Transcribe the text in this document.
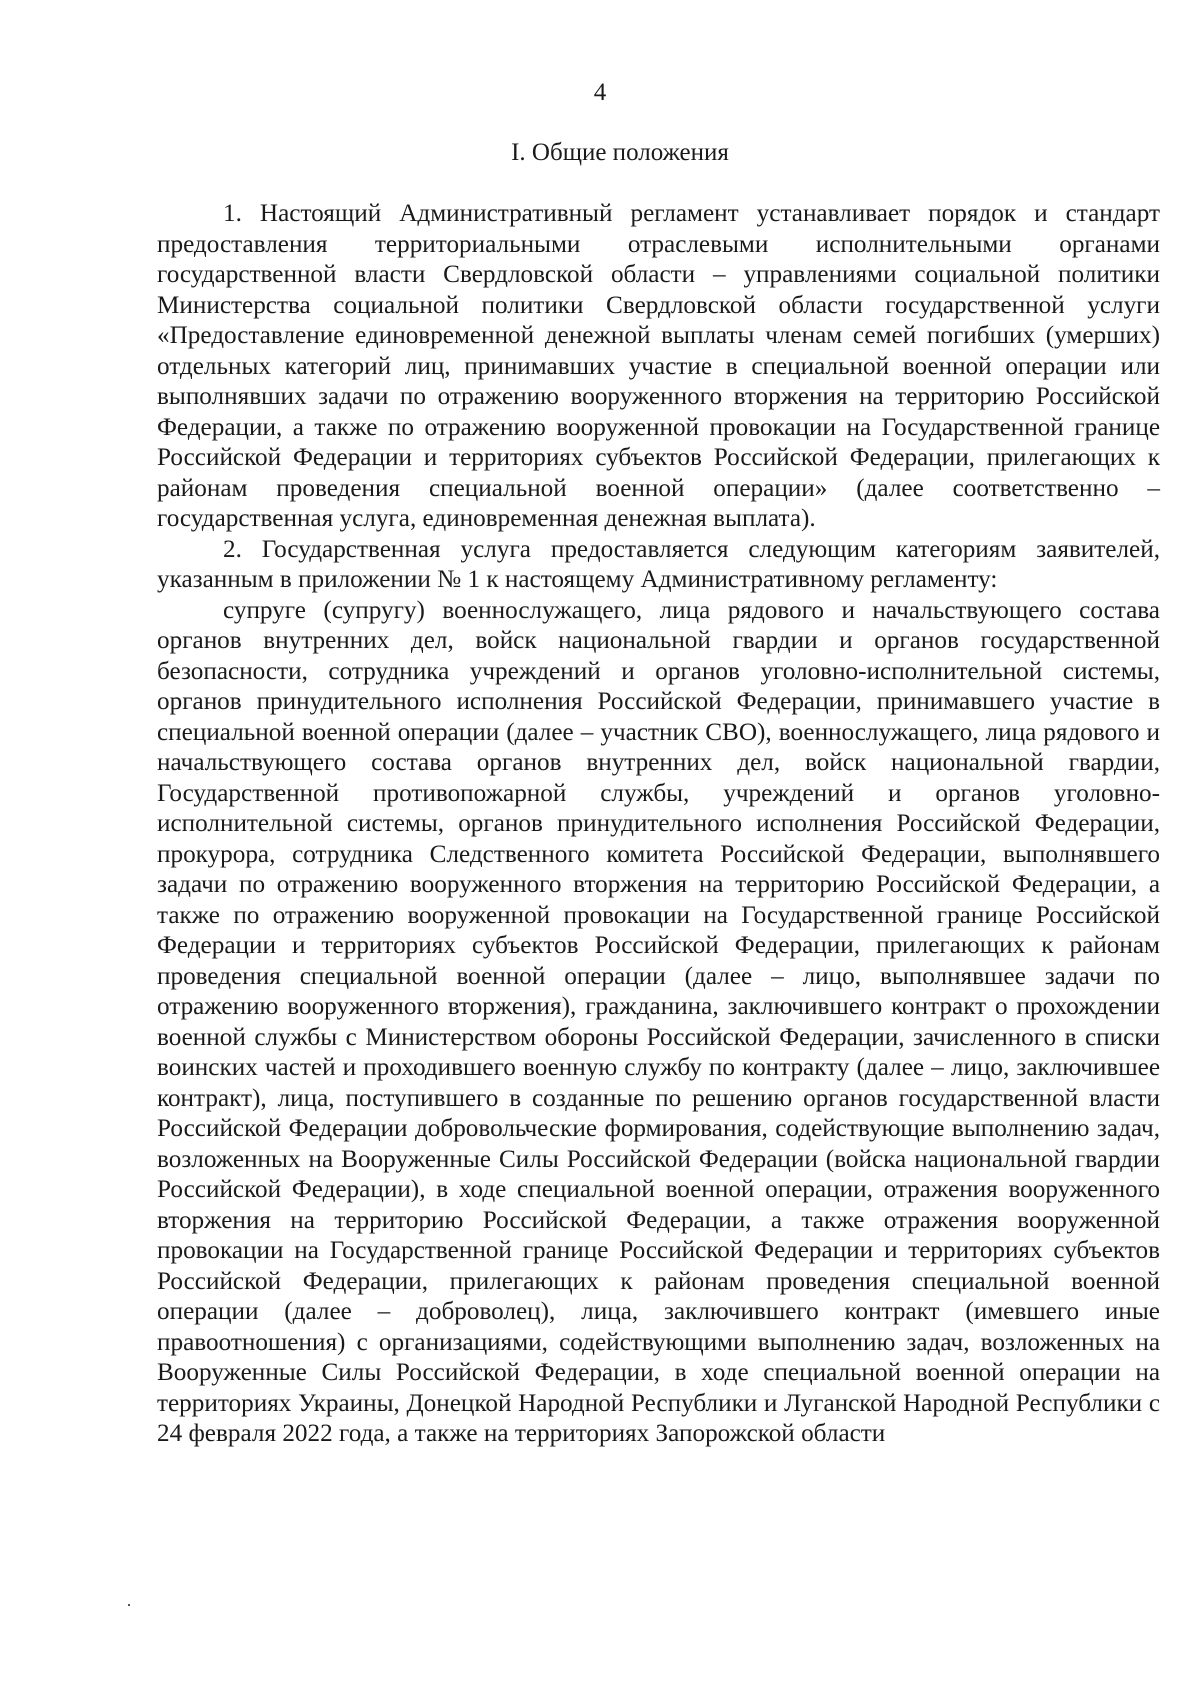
4
I. Общие положения

1. Настоящий Административный регламент устанавливает порядок и стандарт предоставления территориальными отраслевыми исполнительными органами государственной власти Свердловской области – управлениями социальной политики Министерства социальной политики Свердловской области государственной услуги «Предоставление единовременной денежной выплаты членам семей погибших (умерших) отдельных категорий лиц, принимавших участие в специальной военной операции или выполнявших задачи по отражению вооруженного вторжения на территорию Российской Федерации, а также по отражению вооруженной провокации на Государственной границе Российской Федерации и территориях субъектов Российской Федерации, прилегающих к районам проведения специальной военной операции» (далее соответственно – государственная услуга, единовременная денежная выплата).

2. Государственная услуга предоставляется следующим категориям заявителей, указанным в приложении № 1 к настоящему Административному регламенту:

супруге (супругу) военнослужащего, лица рядового и начальствующего состава органов внутренних дел, войск национальной гвардии и органов государственной безопасности, сотрудника учреждений и органов уголовно-исполнительной системы, органов принудительного исполнения Российской Федерации, принимавшего участие в специальной военной операции (далее – участник СВО), военнослужащего, лица рядового и начальствующего состава органов внутренних дел, войск национальной гвардии, Государственной противопожарной службы, учреждений и органов уголовно-исполнительной системы, органов принудительного исполнения Российской Федерации, прокурора, сотрудника Следственного комитета Российской Федерации, выполнявшего задачи по отражению вооруженного вторжения на территорию Российской Федерации, а также по отражению вооруженной провокации на Государственной границе Российской Федерации и территориях субъектов Российской Федерации, прилегающих к районам проведения специальной военной операции (далее – лицо, выполнявшее задачи по отражению вооруженного вторжения), гражданина, заключившего контракт о прохождении военной службы с Министерством обороны Российской Федерации, зачисленного в списки воинских частей и проходившего военную службу по контракту (далее – лицо, заключившее контракт), лица, поступившего в созданные по решению органов государственной власти Российской Федерации добровольческие формирования, содействующие выполнению задач, возложенных на Вооруженные Силы Российской Федерации (войска национальной гвардии Российской Федерации), в ходе специальной военной операции, отражения вооруженного вторжения на территорию Российской Федерации, а также отражения вооруженной провокации на Государственной границе Российской Федерации и территориях субъектов Российской Федерации, прилегающих к районам проведения специальной военной операции (далее – доброволец), лица, заключившего контракт (имевшего иные правоотношения) с организациями, содействующими выполнению задач, возложенных на Вооруженные Силы Российской Федерации, в ходе специальной военной операции на территориях Украины, Донецкой Народной Республики и Луганской Народной Республики с 24 февраля 2022 года, а также на территориях Запорожской области
